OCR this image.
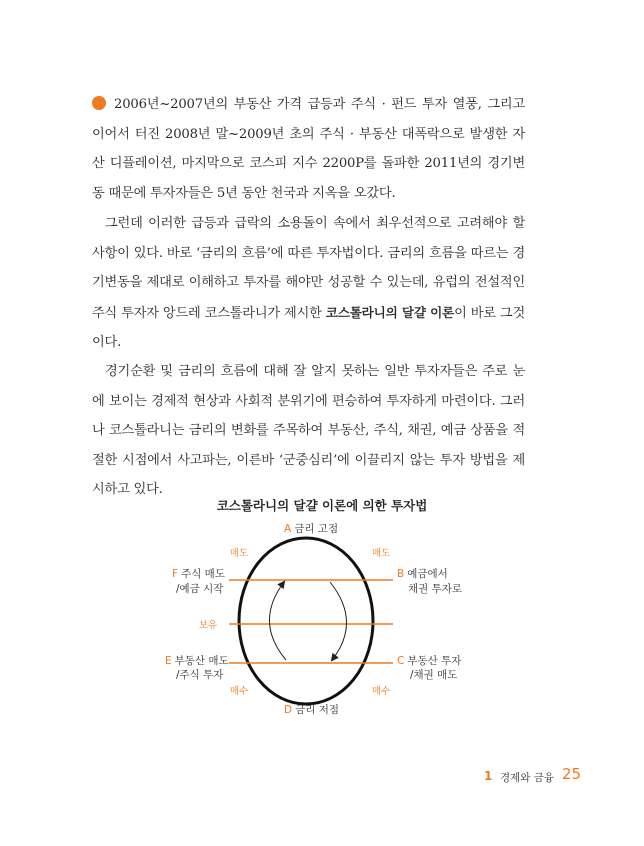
2006년~2007년의 부동산 가격 급등과 주식 · 펀드 투자 열풍, 그리고 이어서 터진 2008년 말~2009년 초의 주식 · 부동산 대폭락으로 발생한 자산 디플레이션, 마지막으로 코스피 지수 2200P를 돌파한 2011년의 경기변동 때문에 투자자들은 5년 동안 천국과 지옥을 오갔다.

그런데 이러한 급등과 급락의 소용돌이 속에서 최우선적으로 고려해야 할 사항이 있다. 바로 ‘금리의 흐름’에 따른 투자법이다. 금리의 흐름을 따르는 경기변동을 제대로 이해하고 투자를 해야만 성공할 수 있는데, 유럽의 전설적인 주식 투자자 앙드레 코스톨라니가 제시한 코스톨라니의 달걀 이론이 바로 그것이다.

경기순환 및 금리의 흐름에 대해 잘 알지 못하는 일반 투자자들은 주로 눈에 보이는 경제적 현상과 사회적 분위기에 편승하여 투자하게 마련이다. 그러나 코스톨라니는 금리의 변화를 주목하여 부동산, 주식, 채권, 예금 상품을 적절한 시점에서 사고파는, 이른바 ‘군중심리’에 이끌리지 않는 투자 방법을 제시하고 있다.

코스톨라니의 달걀 이론에 의한 투자법
A 금리 고점
매도	매도
F 주식 매도
/예금 시작
B 예금에서
채권 투자로
보유
E 부동산 매도
/주식 투자
C 부동산 투자
/채권 매도
매수	매수
D 금리 저점
1 경제와 금융 25
